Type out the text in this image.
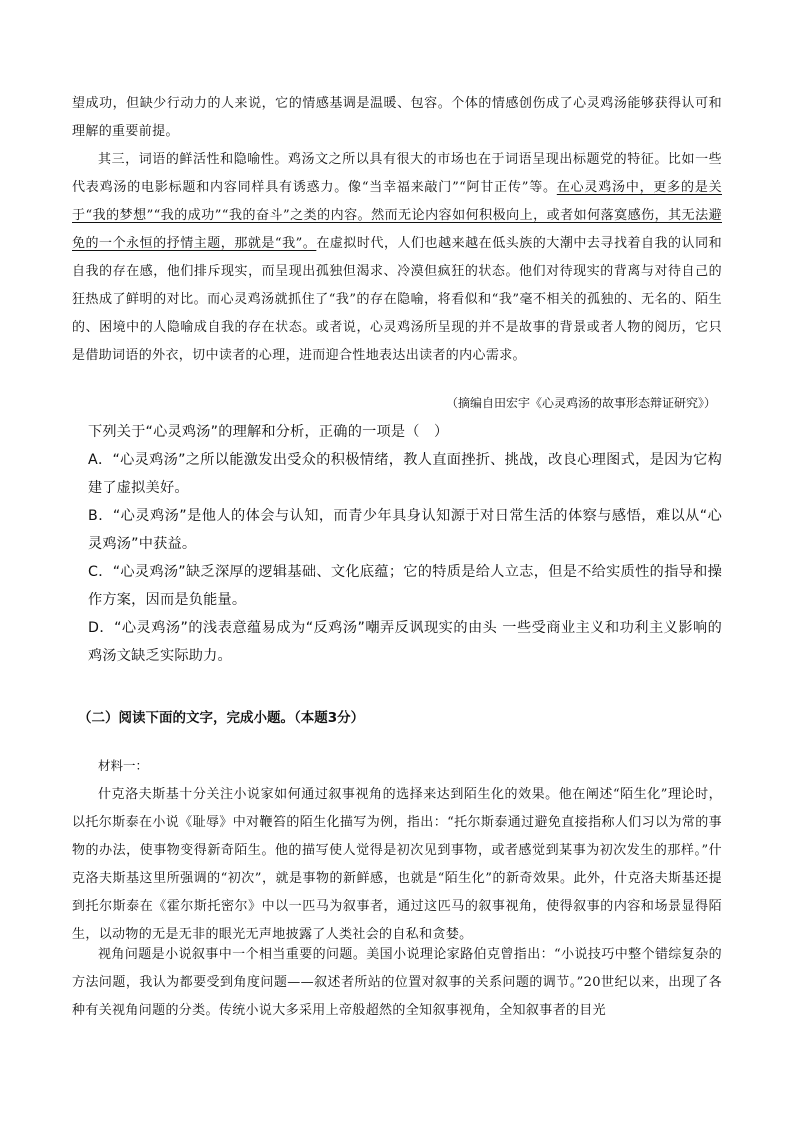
望成功，但缺少行动力的人来说，它的情感基调是温暖、包容。个体的情感创伤成了心灵鸡汤能够获得认可和理解的重要前提。

其三，词语的鲜活性和隐喻性。鸡汤文之所以具有很大的市场也在于词语呈现出标题党的特征。比如一些代表鸡汤的电影标题和内容同样具有诱惑力。像“当幸福来敲门”“阿甘正传”等。在心灵鸡汤中，更多的是关于“我的梦想”“我的成功”“我的奋斗”之类的内容。然而无论内容如何积极向上，或者如何落寞感伤，其无法避免的一个永恒的抒情主题，那就是“我”。在虚拟时代，人们也越来越在低头族的大潮中去寻找着自我的认同和自我的存在感，他们排斥现实，而呈现出孤独但渴求、冷漠但疯狂的状态。他们对待现实的背离与对待自己的狂热成了鲜明的对比。而心灵鸡汤就抓住了“我”的存在隐喻，将看似和“我”毫不相关的孤独的、无名的、陌生的、困境中的人隐喻成自我的存在状态。或者说，心灵鸡汤所呈现的并不是故事的背景或者人物的阅历，它只是借助词语的外衣，切中读者的心理，进而迎合性地表达出读者的内心需求。

（摘编自田宏宇《心灵鸡汤的故事形态辩证研究》）

下列关于“心灵鸡汤”的理解和分析，正确的一项是（　）

A．“心灵鸡汤”之所以能激发出受众的积极情绪，教人直面挫折、挑战，改良心理图式，是因为它构建了虚拟美好。

B．“心灵鸡汤”是他人的体会与认知，而青少年具身认知源于对日常生活的体察与感悟，难以从“心灵鸡汤”中获益。

C．“心灵鸡汤”缺乏深厚的逻辑基础、文化底蕴；它的特质是给人立志，但是不给实质性的指导和操作方案，因而是负能量。

D．“心灵鸡汤”的浅表意蕴易成为“反鸡汤”嘲弄反讽现实的由头 一些受商业主义和功利主义影响的鸡汤文缺乏实际助力。

（二）阅读下面的文字，完成小题。（本题3分）

材料一：

什克洛夫斯基十分关注小说家如何通过叙事视角的选择来达到陌生化的效果。他在阐述“陌生化”理论时，以托尔斯泰在小说《耻辱》中对鞭笞的陌生化描写为例，指出：“托尔斯泰通过避免直接指称人们习以为常的事物的办法，使事物变得新奇陌生。他的描写使人觉得是初次见到事物，或者感觉到某事为初次发生的那样。”什克洛夫斯基这里所强调的“初次”，就是事物的新鲜感，也就是“陌生化”的新奇效果。此外，什克洛夫斯基还提到托尔斯泰在《霍尔斯托密尔》中以一匹马为叙事者，通过这匹马的叙事视角，使得叙事的内容和场景显得陌生，以动物的无是无非的眼光无声地披露了人类社会的自私和贪婪。

视角问题是小说叙事中一个相当重要的问题。美国小说理论家路伯克曾指出：“小说技巧中整个错综复杂的方法问题，我认为都要受到角度问题——叙述者所站的位置对叙事的关系问题的调节。”20世纪以来，出现了各种有关视角问题的分类。传统小说大多采用上帝般超然的全知叙事视角，全知叙事者的目光
